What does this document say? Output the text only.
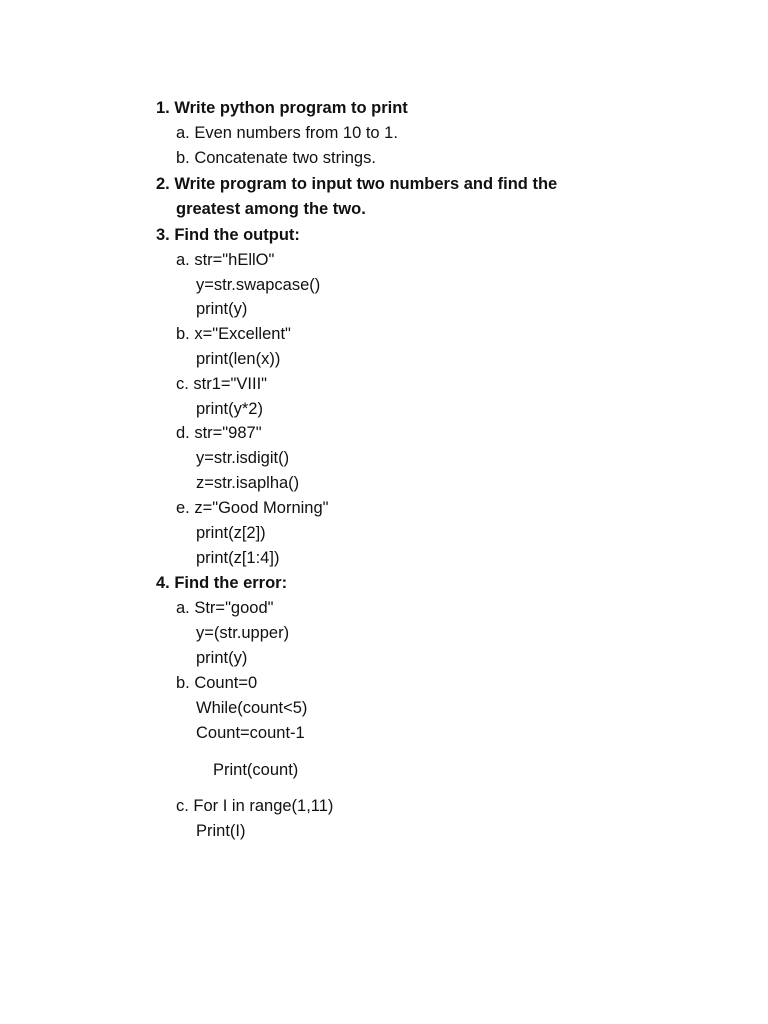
1. Write python program to print
a. Even numbers from 10 to 1.
b. Concatenate two strings.
2. Write program to input two numbers and find the
greatest among the two.
3. Find the output:
a. str="hEllO"
y=str.swapcase()
print(y)
b. x="Excellent"
print(len(x))
c. str1="VIII"
print(y*2)
d. str="987"
y=str.isdigit()
z=str.isaplha()
e. z="Good Morning"
print(z[2])
print(z[1:4])
4. Find the error:
a. Str="good"
y=(str.upper)
print(y)
b. Count=0
While(count<5)
Count=count-1
Print(count)
c. For I in range(1,11)
Print(I)
